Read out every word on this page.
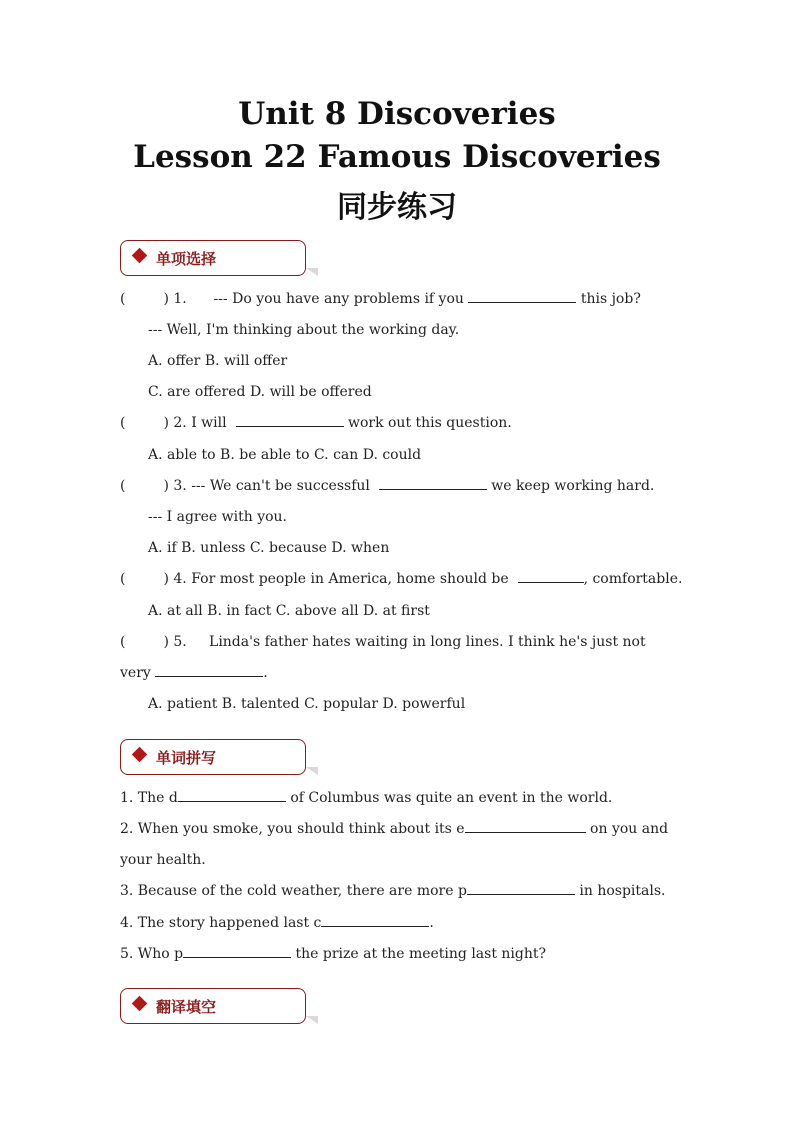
Unit 8 Discoveries
Lesson 22 Famous Discoveries
同步练习
单项选择
(	) 1. --- Do you have any problems if you	this job?
--- Well, I'm thinking about the working day.
A. offer B. will offer
C. are offered D. will be offered
(	) 2. I will	work out this question.
A. able to B. be able to C. can D. could
(	) 3. --- We can't be successful	we keep working hard.
--- I agree with you.
A. if B. unless C. because D. when
(	) 4. For most people in America, home should be	, comfortable.
A. at all B. in fact C. above all D. at first
(	) 5. Linda's father hates waiting in long lines. I think he's just not
very	.
A. patient B. talented C. popular D. powerful
单词拼写
1. The d	of Columbus was quite an event in the world.
2. When you smoke, you should think about its e	on you and
your health.
3. Because of the cold weather, there are more p	in hospitals.
4. The story happened last c	.
5. Who p	the prize at the meeting last night?
翻译填空
